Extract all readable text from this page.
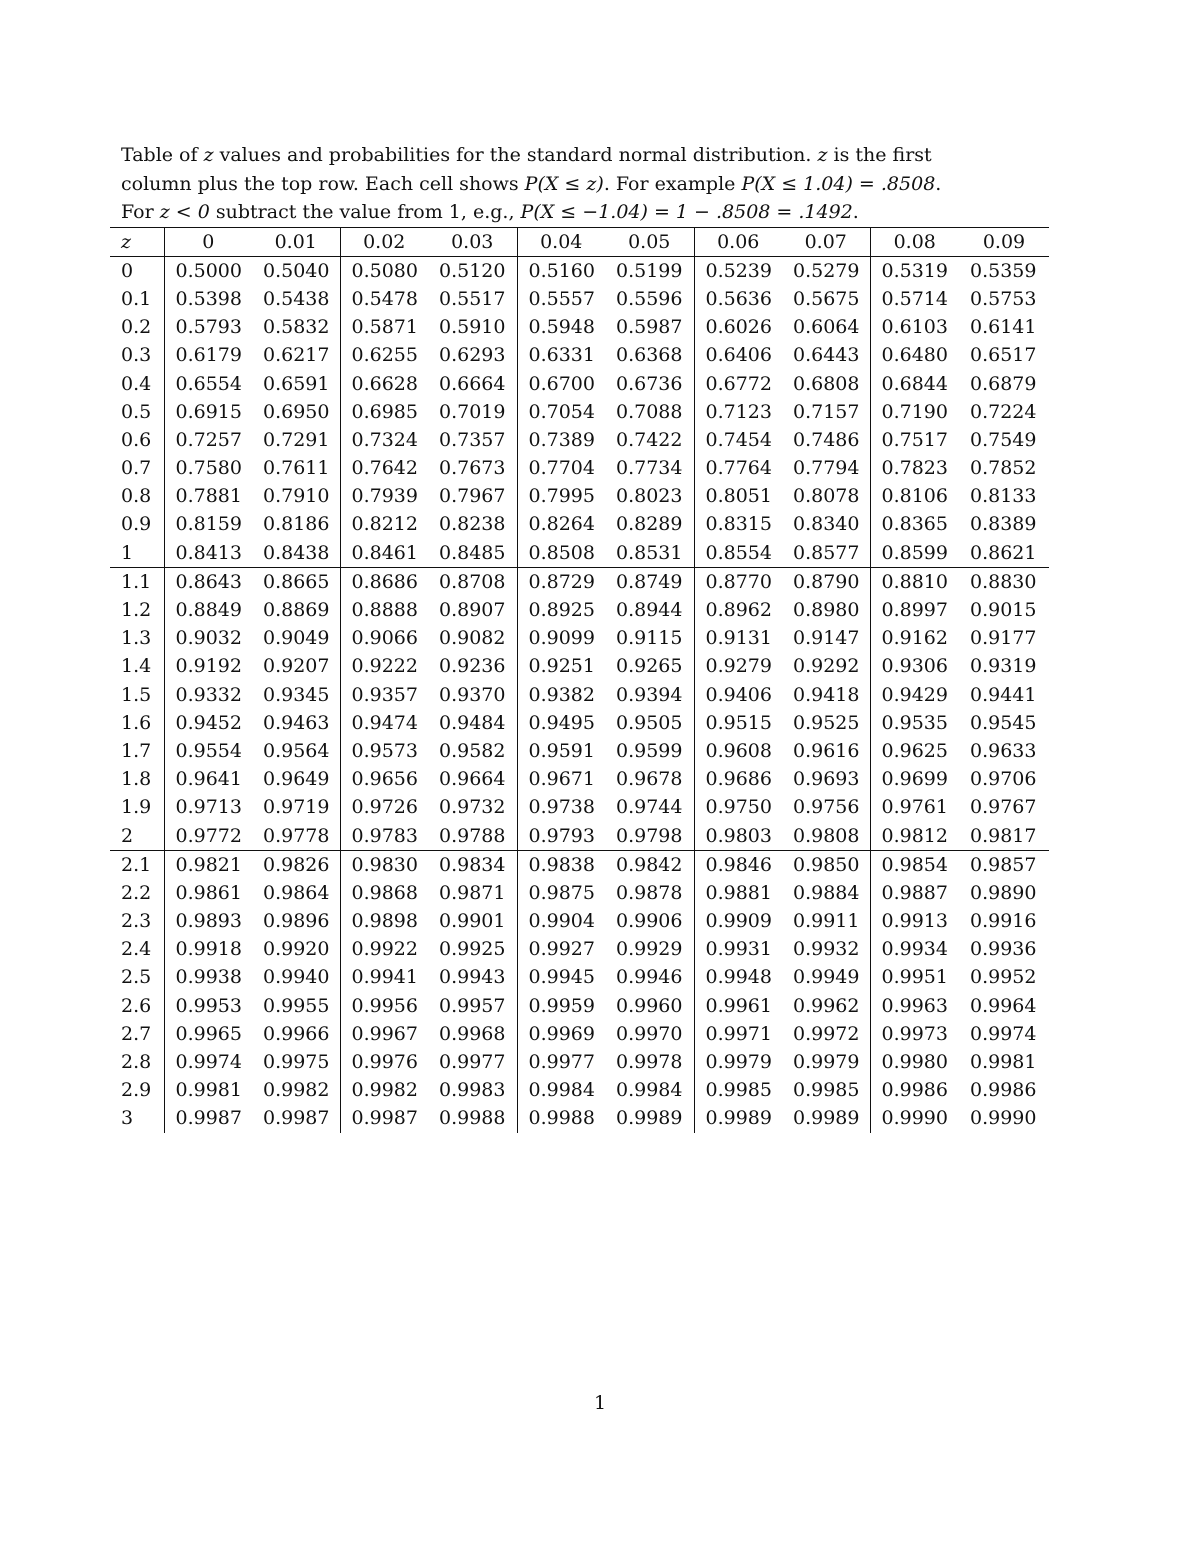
Table of z values and probabilities for the standard normal distribution. z is the first column plus the top row. Each cell shows P(X ≤ z). For example P(X ≤ 1.04) = .8508. For z < 0 subtract the value from 1, e.g., P(X ≤ −1.04) = 1 − .8508 = .1492.										
z	0	0.01	0.02	0.03	0.04	0.05	0.06	0.07	0.08	0.09
0	0.5000	0.5040	0.5080	0.5120	0.5160	0.5199	0.5239	0.5279	0.5319	0.5359
0.1	0.5398	0.5438	0.5478	0.5517	0.5557	0.5596	0.5636	0.5675	0.5714	0.5753
0.2	0.5793	0.5832	0.5871	0.5910	0.5948	0.5987	0.6026	0.6064	0.6103	0.6141
0.3	0.6179	0.6217	0.6255	0.6293	0.6331	0.6368	0.6406	0.6443	0.6480	0.6517
0.4	0.6554	0.6591	0.6628	0.6664	0.6700	0.6736	0.6772	0.6808	0.6844	0.6879
0.5	0.6915	0.6950	0.6985	0.7019	0.7054	0.7088	0.7123	0.7157	0.7190	0.7224
0.6	0.7257	0.7291	0.7324	0.7357	0.7389	0.7422	0.7454	0.7486	0.7517	0.7549
0.7	0.7580	0.7611	0.7642	0.7673	0.7704	0.7734	0.7764	0.7794	0.7823	0.7852
0.8	0.7881	0.7910	0.7939	0.7967	0.7995	0.8023	0.8051	0.8078	0.8106	0.8133
0.9	0.8159	0.8186	0.8212	0.8238	0.8264	0.8289	0.8315	0.8340	0.8365	0.8389
1	0.8413	0.8438	0.8461	0.8485	0.8508	0.8531	0.8554	0.8577	0.8599	0.8621
1.1	0.8643	0.8665	0.8686	0.8708	0.8729	0.8749	0.8770	0.8790	0.8810	0.8830
1.2	0.8849	0.8869	0.8888	0.8907	0.8925	0.8944	0.8962	0.8980	0.8997	0.9015
1.3	0.9032	0.9049	0.9066	0.9082	0.9099	0.9115	0.9131	0.9147	0.9162	0.9177
1.4	0.9192	0.9207	0.9222	0.9236	0.9251	0.9265	0.9279	0.9292	0.9306	0.9319
1.5	0.9332	0.9345	0.9357	0.9370	0.9382	0.9394	0.9406	0.9418	0.9429	0.9441
1.6	0.9452	0.9463	0.9474	0.9484	0.9495	0.9505	0.9515	0.9525	0.9535	0.9545
1.7	0.9554	0.9564	0.9573	0.9582	0.9591	0.9599	0.9608	0.9616	0.9625	0.9633
1.8	0.9641	0.9649	0.9656	0.9664	0.9671	0.9678	0.9686	0.9693	0.9699	0.9706
1.9	0.9713	0.9719	0.9726	0.9732	0.9738	0.9744	0.9750	0.9756	0.9761	0.9767
2	0.9772	0.9778	0.9783	0.9788	0.9793	0.9798	0.9803	0.9808	0.9812	0.9817
2.1	0.9821	0.9826	0.9830	0.9834	0.9838	0.9842	0.9846	0.9850	0.9854	0.9857
2.2	0.9861	0.9864	0.9868	0.9871	0.9875	0.9878	0.9881	0.9884	0.9887	0.9890
2.3	0.9893	0.9896	0.9898	0.9901	0.9904	0.9906	0.9909	0.9911	0.9913	0.9916
2.4	0.9918	0.9920	0.9922	0.9925	0.9927	0.9929	0.9931	0.9932	0.9934	0.9936
2.5	0.9938	0.9940	0.9941	0.9943	0.9945	0.9946	0.9948	0.9949	0.9951	0.9952
2.6	0.9953	0.9955	0.9956	0.9957	0.9959	0.9960	0.9961	0.9962	0.9963	0.9964
2.7	0.9965	0.9966	0.9967	0.9968	0.9969	0.9970	0.9971	0.9972	0.9973	0.9974
2.8	0.9974	0.9975	0.9976	0.9977	0.9977	0.9978	0.9979	0.9979	0.9980	0.9981
2.9	0.9981	0.9982	0.9982	0.9983	0.9984	0.9984	0.9985	0.9985	0.9986	0.9986
3	0.9987	0.9987	0.9987	0.9988	0.9988	0.9989	0.9989	0.9989	0.9990	0.9990
1
